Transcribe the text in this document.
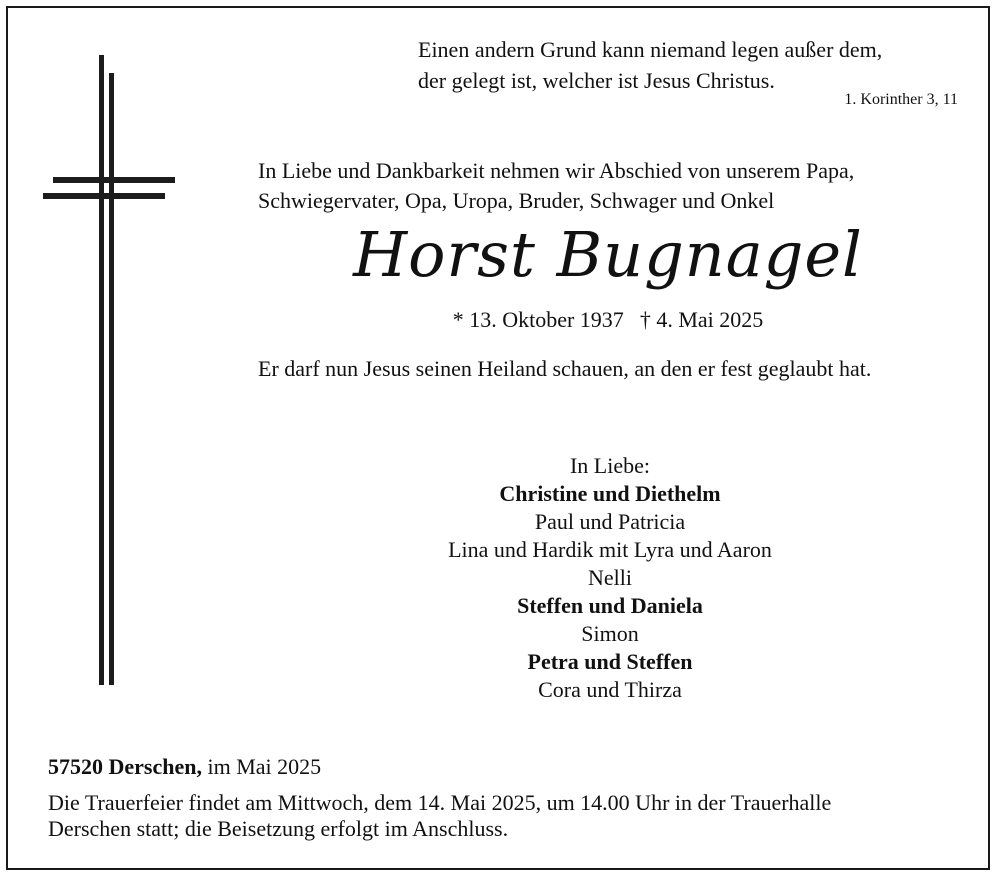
Einen andern Grund kann niemand legen außer dem,
der gelegt ist, welcher ist Jesus Christus.
1. Korinther 3, 11
In Liebe und Dankbarkeit nehmen wir Abschied von unserem Papa,
Schwiegervater, Opa, Uropa, Bruder, Schwager und Onkel
Horst Bugnagel
* 13. Oktober 1937 † 4. Mai 2025
Er darf nun Jesus seinen Heiland schauen, an den er fest geglaubt hat.
In Liebe:
Christine und Diethelm
Paul und Patricia
Lina und Hardik mit Lyra und Aaron
Nelli
Steffen und Daniela
Simon
Petra und Steffen
Cora und Thirza
57520 Derschen, im Mai 2025
Die Trauerfeier findet am Mittwoch, dem 14. Mai 2025, um 14.00 Uhr in der Trauerhalle
Derschen statt; die Beisetzung erfolgt im Anschluss.
